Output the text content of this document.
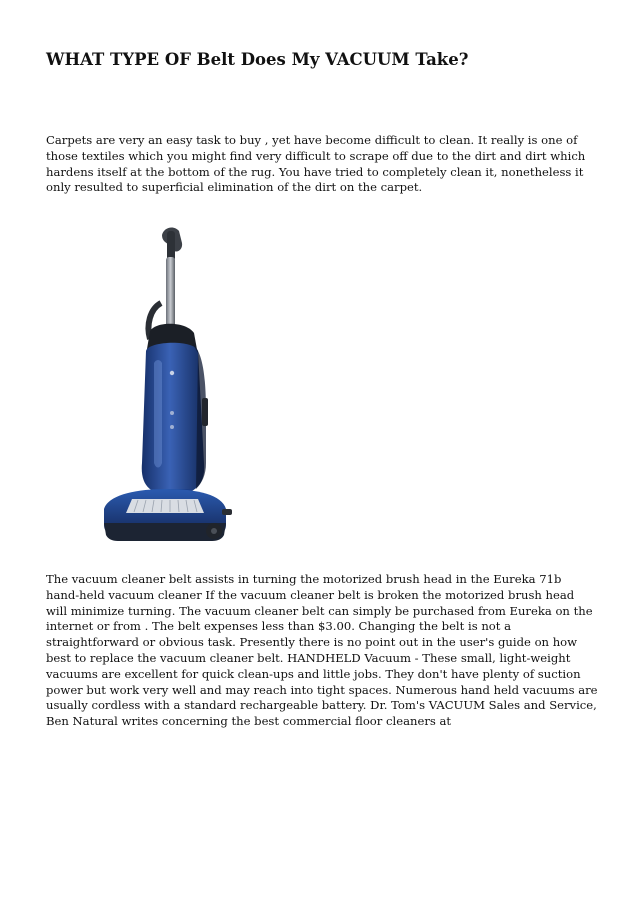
WHAT TYPE OF Belt Does My VACUUM Take?

Carpets are very an easy task to buy , yet have become difficult to clean. It really is one of those textiles which you might find very difficult to scrape off due to the dirt and dirt which hardens itself at the bottom of the rug. You have tried to completely clean it, nonetheless it only resulted to superficial elimination of the dirt on the carpet.

The vacuum cleaner belt assists in turning the motorized brush head in the Eureka 71b hand-held vacuum cleaner If the vacuum cleaner belt is broken the motorized brush head will minimize turning. The vacuum cleaner belt can simply be purchased from Eureka on the internet or from . The belt expenses less than $3.00. Changing the belt is not a straightforward or obvious task. Presently there is no point out in the user's guide on how best to replace the vacuum cleaner belt. HANDHELD Vacuum - These small, light-weight vacuums are excellent for quick clean-ups and little jobs. They don't have plenty of suction power but work very well and may reach into tight spaces. Numerous hand held vacuums are usually cordless with a standard rechargeable battery. Dr. Tom's VACUUM Sales and Service, Ben Natural writes concerning the best commercial floor cleaners at
